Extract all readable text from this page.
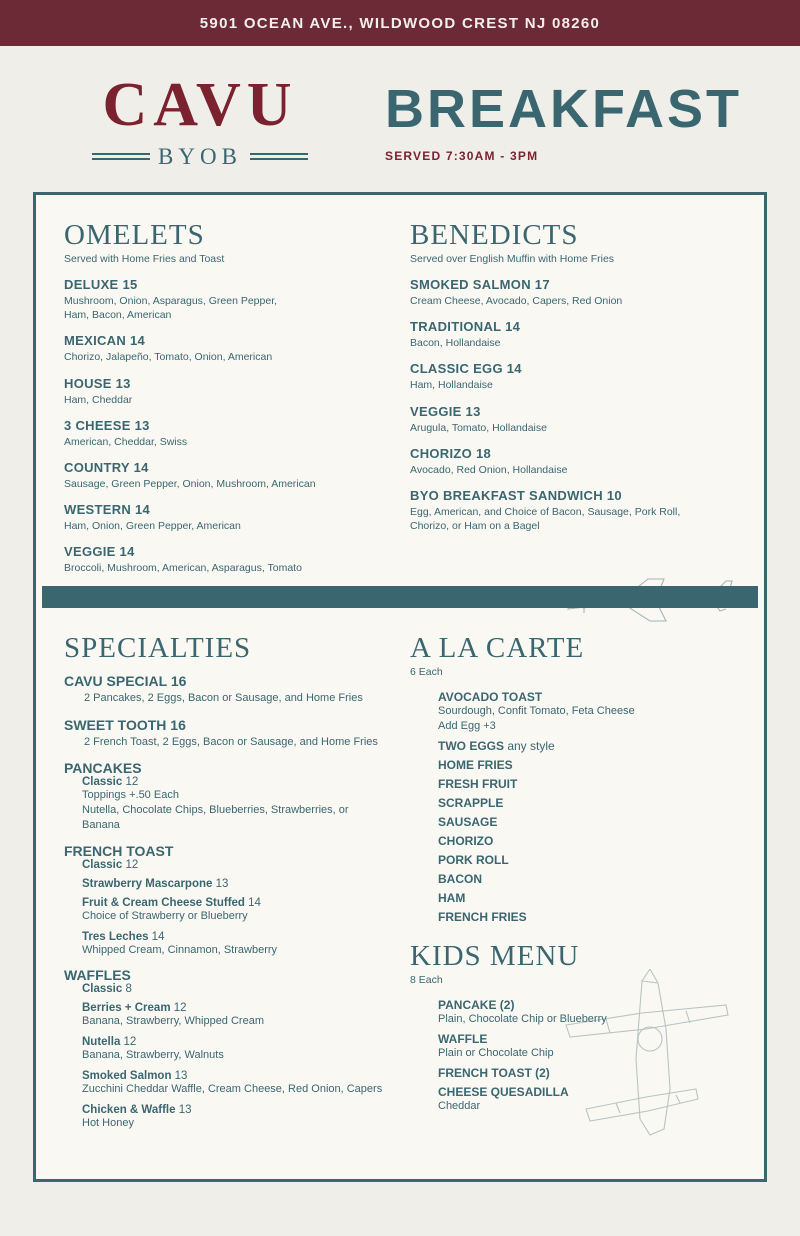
5901 OCEAN AVE., WILDWOOD CREST NJ 08260
CAVU
BYOB
BREAKFAST
SERVED 7:30AM - 3PM
OMELETS
Served with Home Fries and Toast
DELUXE 15
Mushroom, Onion, Asparagus, Green Pepper,
Ham, Bacon, American
MEXICAN 14
Chorizo, Jalapeño, Tomato, Onion, American
HOUSE 13
Ham, Cheddar
3 CHEESE 13
American, Cheddar, Swiss
COUNTRY 14
Sausage, Green Pepper, Onion, Mushroom, American
WESTERN 14
Ham, Onion, Green Pepper, American
VEGGIE 14
Broccoli, Mushroom, American, Asparagus, Tomato
BENEDICTS
Served over English Muffin with Home Fries
SMOKED SALMON 17
Cream Cheese, Avocado, Capers, Red Onion
TRADITIONAL 14
Bacon, Hollandaise
CLASSIC EGG 14
Ham, Hollandaise
VEGGIE 13
Arugula, Tomato, Hollandaise
CHORIZO 18
Avocado, Red Onion, Hollandaise
BYO BREAKFAST SANDWICH 10
Egg, American, and Choice of Bacon, Sausage, Pork Roll,
Chorizo, or Ham on a Bagel
SPECIALTIES
CAVU SPECIAL 16
2 Pancakes, 2 Eggs, Bacon or Sausage, and Home Fries
SWEET TOOTH 16
2 French Toast, 2 Eggs, Bacon or Sausage, and Home Fries
PANCAKES
Classic 12
Toppings +.50 Each
Nutella, Chocolate Chips, Blueberries, Strawberries, or Banana
FRENCH TOAST
Classic 12
Strawberry Mascarpone 13
Fruit & Cream Cheese Stuffed 14
Choice of Strawberry or Blueberry
Tres Leches 14
Whipped Cream, Cinnamon, Strawberry
WAFFLES
Classic 8
Berries + Cream 12
Banana, Strawberry, Whipped Cream
Nutella 12
Banana, Strawberry, Walnuts
Smoked Salmon 13
Zucchini Cheddar Waffle, Cream Cheese, Red Onion, Capers
Chicken & Waffle 13
Hot Honey
A LA CARTE
6 Each
AVOCADO TOAST
Sourdough, Confit Tomato, Feta Cheese
Add Egg +3
TWO EGGS any style
HOME FRIES
FRESH FRUIT
SCRAPPLE
SAUSAGE
CHORIZO
PORK ROLL
BACON
HAM
FRENCH FRIES
KIDS MENU
8 Each
PANCAKE (2)
Plain, Chocolate Chip or Blueberry
WAFFLE
Plain or Chocolate Chip
FRENCH TOAST (2)
CHEESE QUESADILLA
Cheddar
